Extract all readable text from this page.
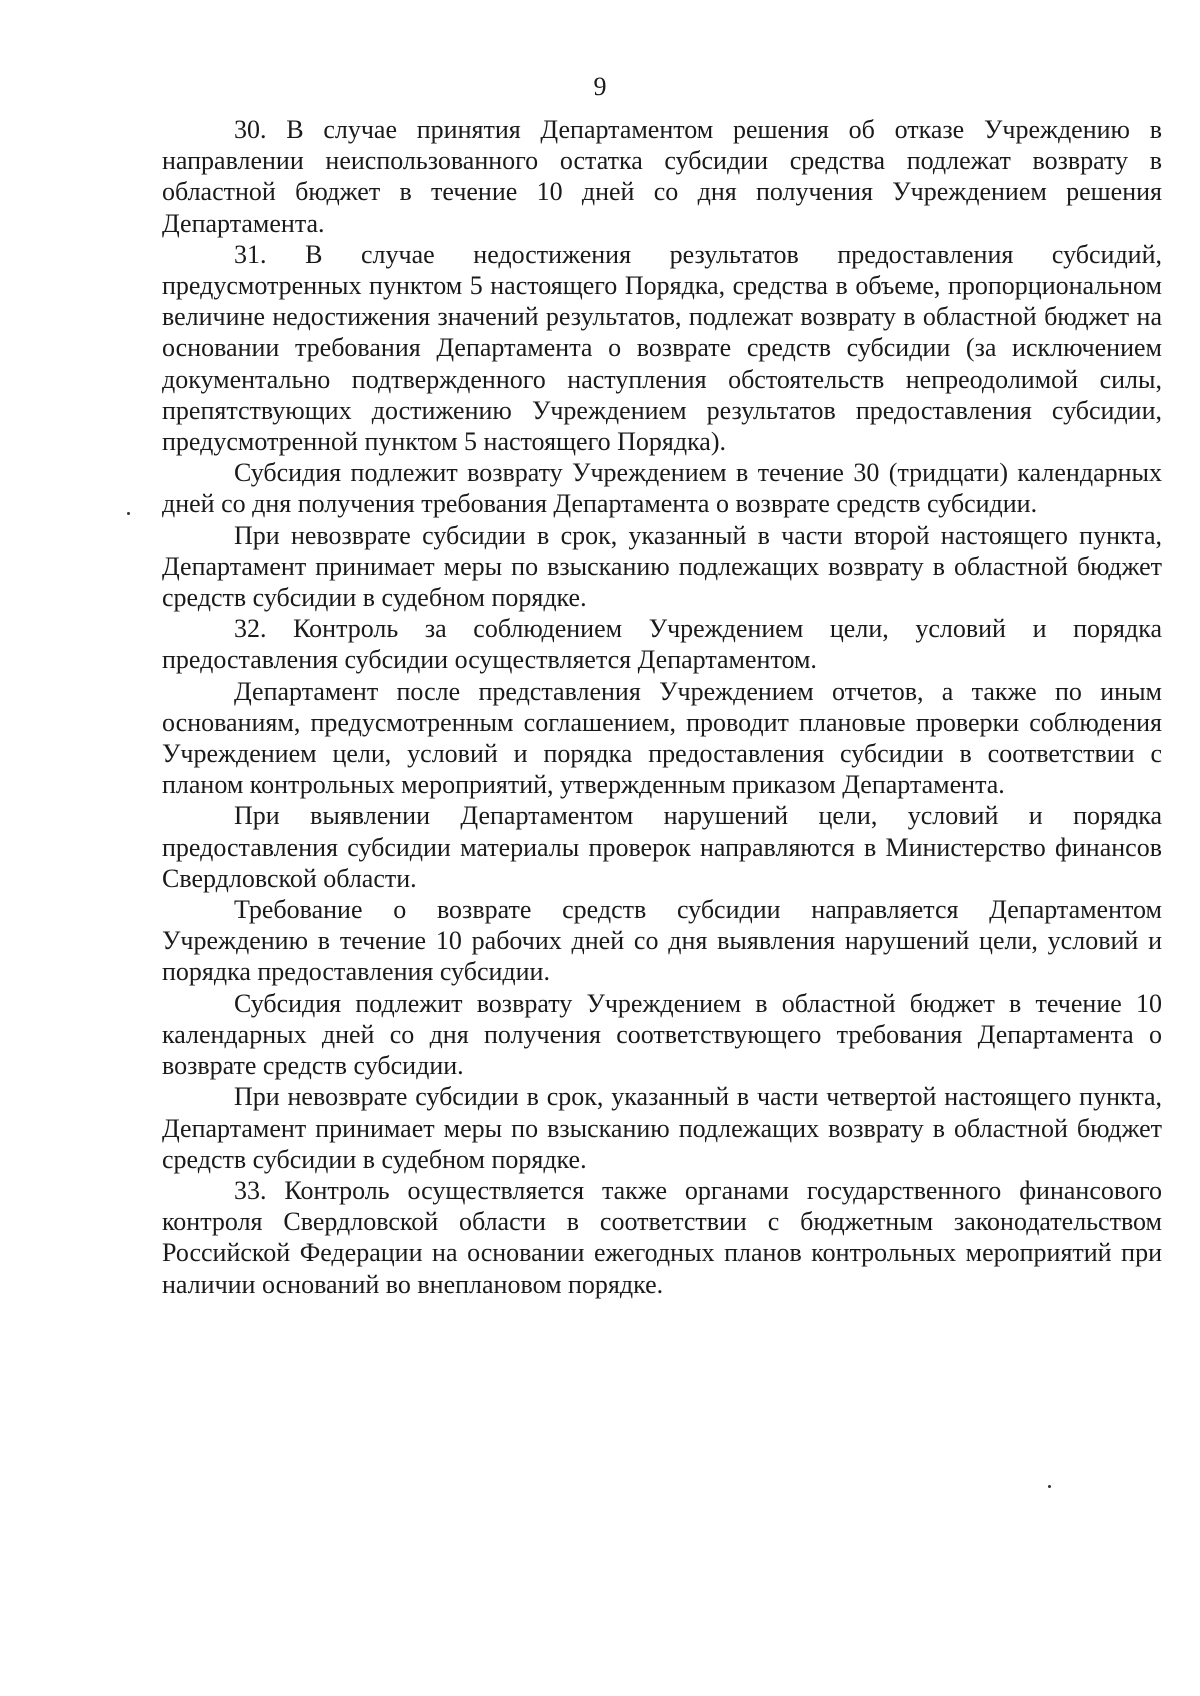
9

30. В случае принятия Департаментом решения об отказе Учреждению в направлении неиспользованного остатка субсидии средства подлежат возврату в областной бюджет в течение 10 дней со дня получения Учреждением решения Департамента.

31. В случае недостижения результатов предоставления субсидий, предусмотренных пунктом 5 настоящего Порядка, средства в объеме, пропорциональном величине недостижения значений результатов, подлежат возврату в областной бюджет на основании требования Департамента о возврате средств субсидии (за исключением документально подтвержденного наступления обстоятельств непреодолимой силы, препятствующих достижению Учреждением результатов предоставления субсидии, предусмотренной пунктом 5 настоящего Порядка).

Субсидия подлежит возврату Учреждением в течение 30 (тридцати) календарных дней со дня получения требования Департамента о возврате средств субсидии.

При невозврате субсидии в срок, указанный в части второй настоящего пункта, Департамент принимает меры по взысканию подлежащих возврату в областной бюджет средств субсидии в судебном порядке.

32. Контроль за соблюдением Учреждением цели, условий и порядка предоставления субсидии осуществляется Департаментом.

Департамент после представления Учреждением отчетов, а также по иным основаниям, предусмотренным соглашением, проводит плановые проверки соблюдения Учреждением цели, условий и порядка предоставления субсидии в соответствии с планом контрольных мероприятий, утвержденным приказом Департамента.

При выявлении Департаментом нарушений цели, условий и порядка предоставления субсидии материалы проверок направляются в Министерство финансов Свердловской области.

Требование о возврате средств субсидии направляется Департаментом Учреждению в течение 10 рабочих дней со дня выявления нарушений цели, условий и порядка предоставления субсидии.

Субсидия подлежит возврату Учреждением в областной бюджет в течение 10 календарных дней со дня получения соответствующего требования Департамента о возврате средств субсидии.

При невозврате субсидии в срок, указанный в части четвертой настоящего пункта, Департамент принимает меры по взысканию подлежащих возврату в областной бюджет средств субсидии в судебном порядке.

33. Контроль осуществляется также органами государственного финансового контроля Свердловской области в соответствии с бюджетным законодательством Российской Федерации на основании ежегодных планов контрольных мероприятий при наличии оснований во внеплановом порядке.
